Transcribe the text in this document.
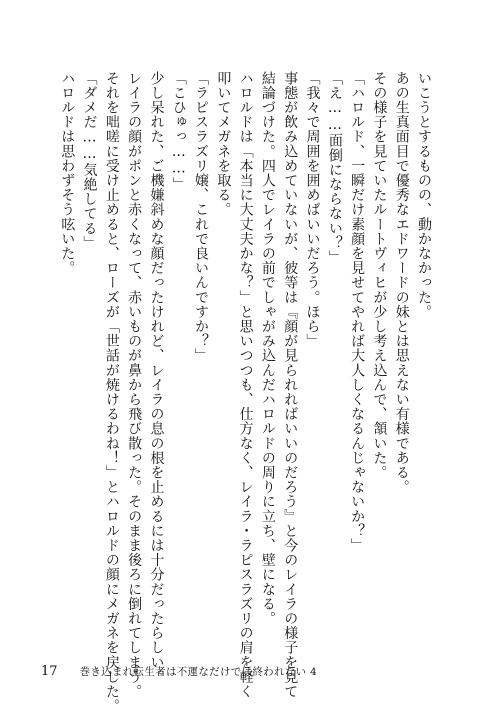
いこうとするものの、動かなかった。
あの生真面目で優秀なエドワードの妹とは思えない有様である。
その様子を見ていたルートヴィヒが少し考え込んで、頷いた。
「ハロルド、一瞬だけ素顔を見せてやれば大人しくなるんじゃないか？」
「え……面倒にならない？」
「我々で周囲を囲めばいいだろう。ほら」
事態が飲み込めていないが、彼等は『顔が見られればいいのだろう』と今のレイラの様子を見て
結論づけた。四人でレイラの前でしゃがみ込んだハロルドの周りに立ち、壁になる。
ハロルドは「本当に大丈夫かな？」と思いつつも、仕方なく、レイラ・ラピスラズリの肩を軽く
叩いてメガネを取る。
「ラピスラズリ嬢、これで良いんですか？」
「こひゅっ……」
少し呆れた、ご機嫌斜めな顔だったけれど、レイラの息の根を止めるには十分だったらしい。
レイラの顔がポンと赤くなって、赤いものが鼻から飛び散った。そのまま後ろに倒れてしまう。
それを咄嗟に受け止めると、ローズが「世話が焼けるわね！」とハロルドの顔にメガネを戻した。
「ダメだ……気絶してる」
ハロルドは思わずそう呟いた。
17 巻き込まれ転生者は不運なだけでは終われない 4
